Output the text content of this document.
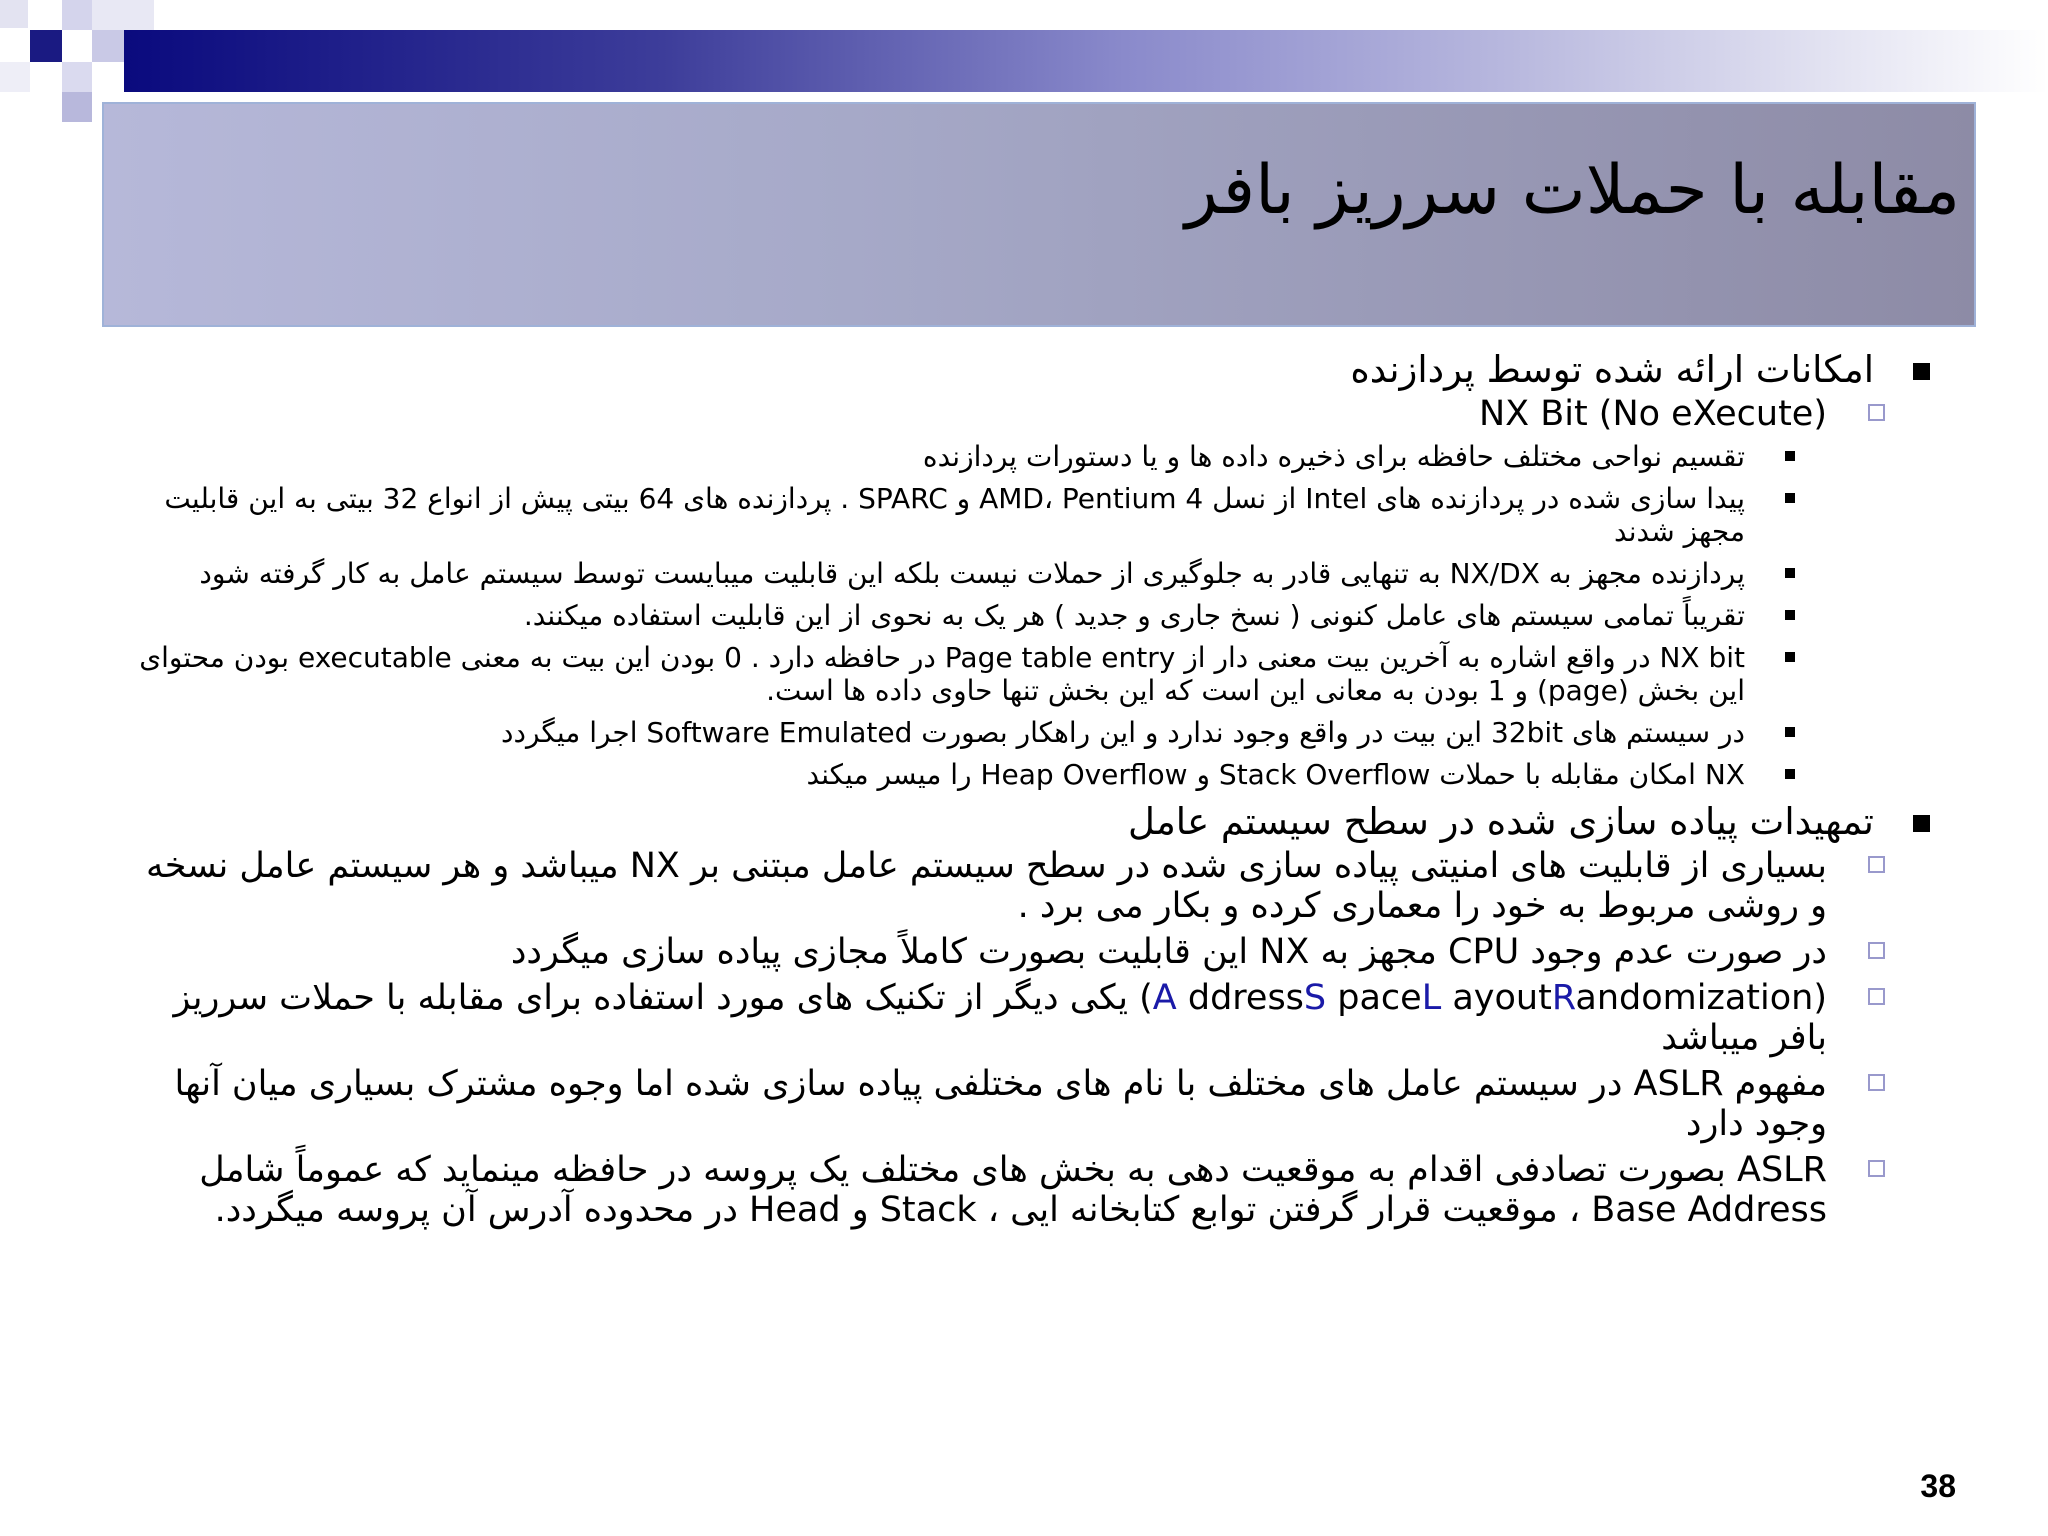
مقابله با حملات سرریز بافر
امکانات ارائه شده توسط پردازنده
(NX Bit (No eXecute
تقسیم نواحی مختلف حافظه برای ذخیره داده ها و یا دستورات پردازنده
پیدا سازی شده در پردازنده های Intel از نسل AMD، Pentium 4 و SPARC . پردازنده های 64 بیتی پیش از انواع 32 بیتی به این قابلیت مجهز شدند
پردازنده مجهز به NX/DX به تنهایی قادر به جلوگیری از حملات نیست بلکه این قابلیت میبایست توسط سیستم عامل به کار گرفته شود
تقریباً تمامی سیستم های عامل کنونی ( نسخ جاری و جدید ) هر یک به نحوی از این قابلیت استفاده میکنند.
NX bit در واقع اشاره به آخرین بیت معنی دار از Page table entry در حافظه دارد . 0 بودن این بیت به معنی executable بودن محتوای این بخش (page) و 1 بودن به معانی این است که این بخش تنها حاوی داده ها است.
در سیستم های 32bit این بیت در واقع وجود ندارد و این راهکار بصورت Software Emulated اجرا میگردد
NX امکان مقابله با حملات Stack Overflow و Heap Overflow را میسر میکند
تمهیدات پیاده سازی شده در سطح سیستم عامل
بسیاری از قابلیت های امنیتی پیاده سازی شده در سطح سیستم عامل مبتنی بر NX میباشد و هر سیستم عامل نسخه و روشی مربوط به خود را معماری کرده و بکار می برد .
در صورت عدم وجود CPU مجهز به NX این قابلیت بصورت کاملاً مجازی پیاده سازی میگردد
(A ddressS paceL ayoutRandomization) یکی دیگر از تکنیک های مورد استفاده برای مقابله با حملات سرریز بافر میباشد
مفهوم ASLR در سیستم عامل های مختلف با نام های مختلفی پیاده سازی شده اما وجوه مشترک بسیاری میان آنها وجود دارد
ASLR بصورت تصادفی اقدام به موقعیت دهی به بخش های مختلف یک پروسه در حافظه مینماید که عموماً شامل Base Address ، موقعیت قرار گرفتن توابع کتابخانه ایی ، Stack و Head در محدوده آدرس آن پروسه میگردد.
38
